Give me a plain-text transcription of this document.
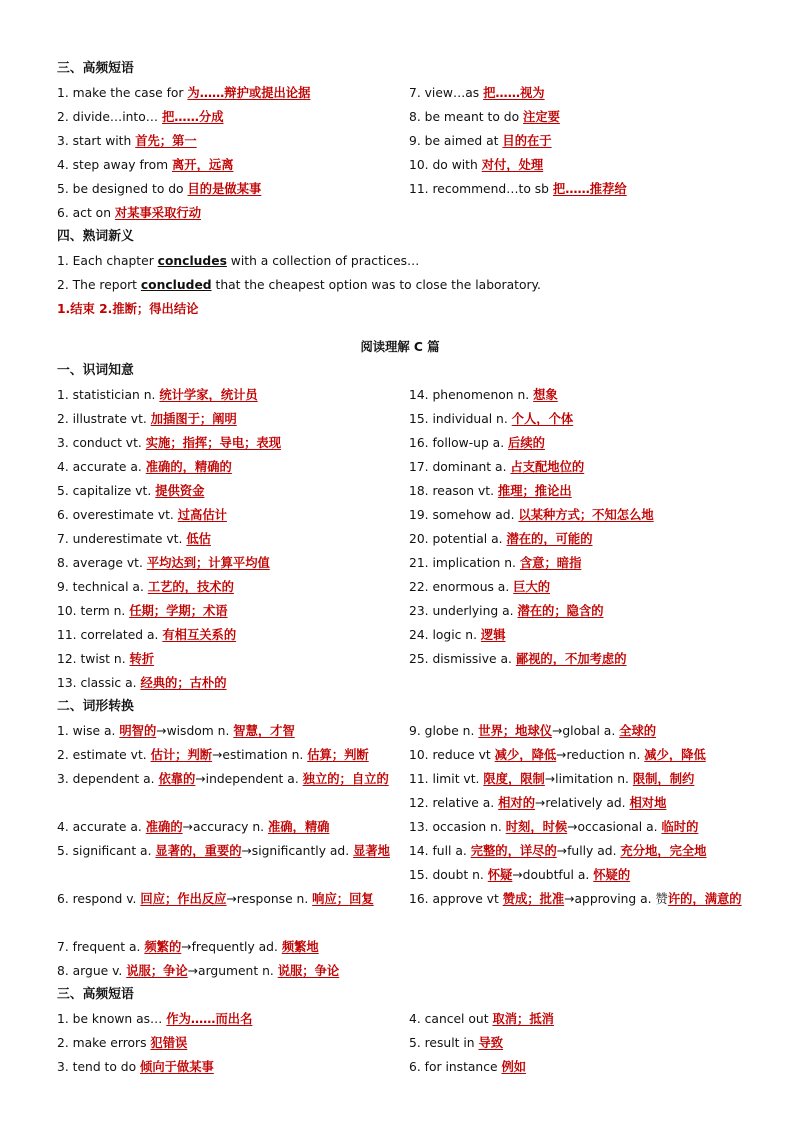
三、高频短语
1. make the case for 为……辩护或提出论据	7. view…as 把……视为
2. divide…into… 把……分成	8. be meant to do 注定要
3. start with 首先；第一	9. be aimed at 目的在于
4. step away from 离开，远离	10. do with 对付，处理
5. be designed to do 目的是做某事	11. recommend…to sb 把……推荐给
6. act on 对某事采取行动
四、熟词新义
1. Each chapter concludes with a collection of practices…
2. The report concluded that the cheapest option was to close the laboratory.
1.结束 2.推断；得出结论
阅读理解 C 篇
一、识词知意
1. statistician n. 统计学家，统计员	14. phenomenon n. 想象
2. illustrate vt. 加插图于；阐明	15. individual n. 个人，个体
3. conduct vt. 实施；指挥；导电；表现	16. follow-up a. 后续的
4. accurate a. 准确的，精确的	17. dominant a. 占支配地位的
5. capitalize vt. 提供资金	18. reason vt. 推理；推论出
6. overestimate vt. 过高估计	19. somehow ad. 以某种方式；不知怎么地
7. underestimate vt. 低估	20. potential a. 潜在的，可能的
8. average vt. 平均达到；计算平均值	21. implication n. 含意；暗指
9. technical a. 工艺的，技术的	22. enormous a. 巨大的
10. term n. 任期；学期；术语	23. underlying a. 潜在的；隐含的
11. correlated a. 有相互关系的	24. logic n. 逻辑
12. twist n. 转折	25. dismissive a. 鄙视的，不加考虑的
13. classic a. 经典的；古朴的
二、词形转换
1. wise a. 明智的→wisdom n. 智慧，才智	9. globe n. 世界；地球仪→global a. 全球的
2. estimate vt. 估计；判断→estimation n. 估算；判断	10. reduce vt 减少，降低→reduction n. 减少，降低
3. dependent a. 依靠的→independent a. 独立的；自立的	11. limit vt. 限度，限制→limitation n. 限制，制约
12. relative a. 相对的→relatively ad. 相对地
4. accurate a. 准确的→accuracy n. 准确，精确	13. occasion n. 时刻，时候→occasional a. 临时的
5. significant a. 显著的，重要的→significantly ad. 显著地	14. full a. 完整的，详尽的→fully ad. 充分地，完全地
15. doubt n. 怀疑→doubtful a. 怀疑的
6. respond v. 回应；作出反应→response n. 响应；回复	16. approve vt 赞成；批准→approving a. 赞许的，满意的
7. frequent a. 频繁的→frequently ad. 频繁地
8. argue v. 说服；争论→argument n. 说服；争论
三、高频短语
1. be known as… 作为……而出名	4. cancel out 取消；抵消
2. make errors 犯错误	5. result in 导致
3. tend to do 倾向于做某事	6. for instance 例如
